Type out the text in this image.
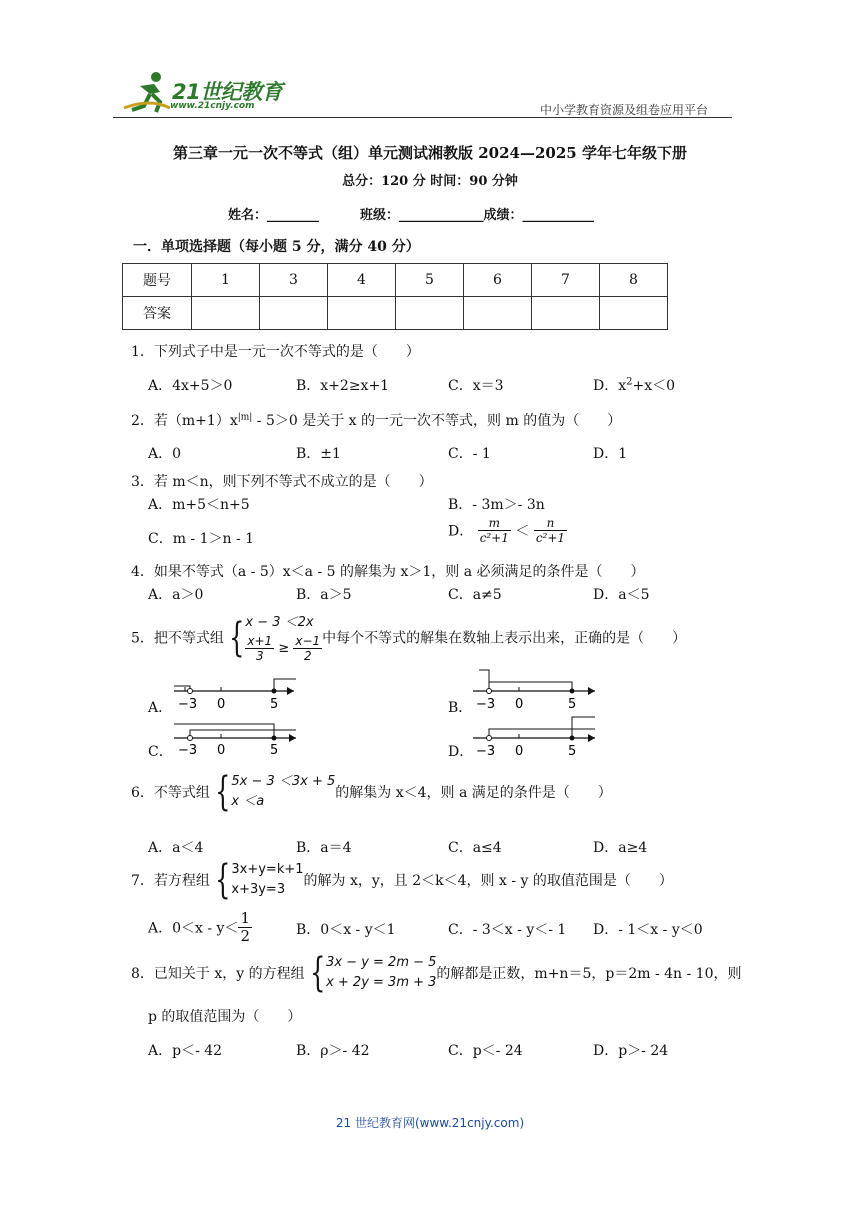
21世纪教育
www.21cnjy.com	中小学教育资源及组卷应用平台
第三章一元一次不等式（组）单元测试湘教版 2024—2025 学年七年级下册
总分：120 分 时间：90 分钟
姓名：________	班级：_____________成绩：___________
一．单项选择题（每小题 5 分，满分 40 分）
题号	1	3	4	5	6	7	8
答案							
1．下列式子中是一元一次不等式的是（　　）
A．4x+5＞0	B．x+2≥x+1	C．x＝3	D．$x^2+x<0$
2．若$(m+1)x^{|m|}$ ‐ 5＞0 是关于 x 的一元一次不等式，则 m 的值为（　　）
A．0	B．±1	C．‐ 1	D．1
3．若 m＜n，则下列不等式不成立的是（　　）
A．m+5＜n+5	B．‐ 3m＞‐ 3n
C．m ‐ 1＞n ‐ 1	D． $\frac{m}{\text{c²+1}} < \frac{n}{\text{c²+1}}$
4．如果不等式（a ‐ 5）x＜a ‐ 5 的解集为 x＞1，则 a 必须满足的条件是（　　）
A．a＞0	B．a＞5	C．a≠5	D．a＜5
5．把不等式组 { x − 3 ＜2x
$\frac{x+1}{3} \ge \frac{x-1}{2}$ 中每个不等式的解集在数轴上表示出来，正确的是（　　）
A．	B．
C．	D．
−3 0	5	−3 0	5
−3 0	5	−3 0	5
6．不等式组 { 5x − 3 ＜3x + 5
x ＜a
的解集为 x＜4，则 a 满足的条件是（　　）
A．a＜4	B．a＝4	C．a≤4	D．a≥4
7．若方程组 { 3x+y=k+1
x+3y=3
的解为 x，y，且 2＜k＜4，则 x ‐ y 的取值范围是（　　）
A．0＜x ‐ $y< \frac{1}{2}$	B．0＜x ‐ y＜1	C．‐ 3＜x ‐ y＜‐ 1 D．‐ 1＜x ‐ y＜0
8．已知关于 x，y 的方程组 { 3x − y = 2m − 5
x + 2y = 3m + 3
的解都是正数，m+n＝5，p＝2m ‐ 4n ‐ 10，则
p 的取值范围为（　　）
A．p＜‐ 42	B．ρ＞‐ 42	C．p＜‐ 24	D．p＞‐ 24
21 世纪教育网(www.21cnjy.com)
